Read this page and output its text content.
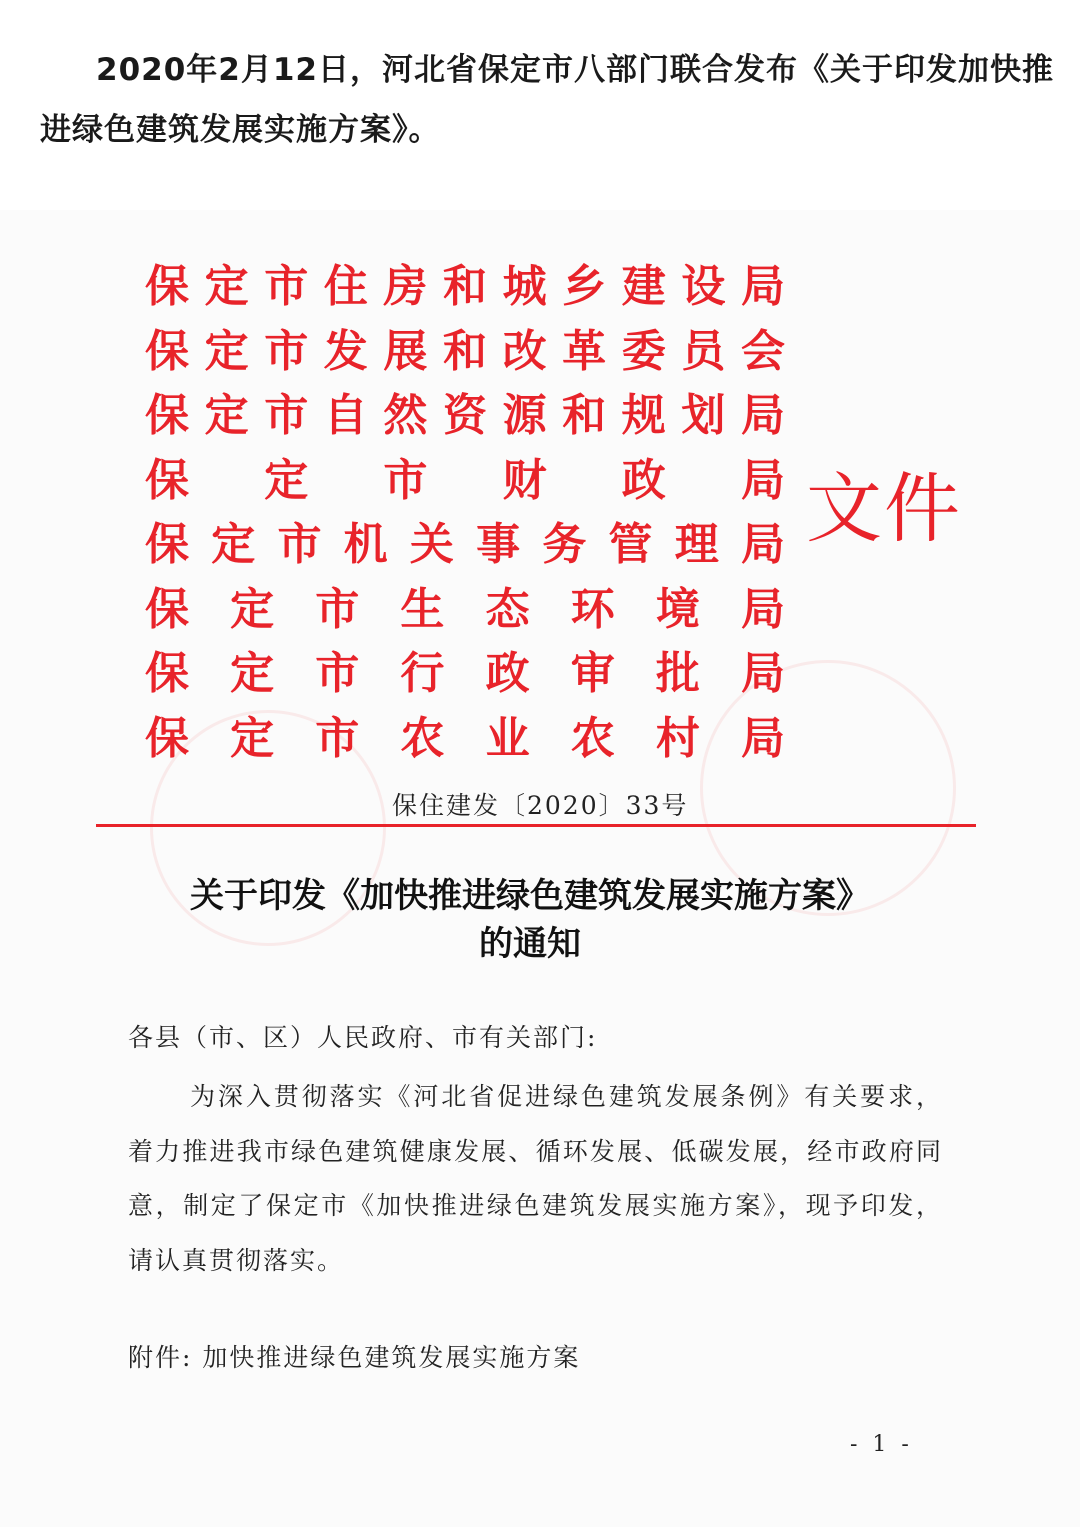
2020年2月12日，河北省保定市八部门联合发布《关于印发加快推进绿色建筑发展实施方案》。
保 定 市 住 房 和 城 乡 建 设 局
保 定 市 发 展 和 改 革 委 员 会
保 定 市 自 然 资 源 和 规 划 局
保 定 市 财 政 局
保 定 市 机 关 事 务 管 理 局
保 定 市 生 态 环 境 局
保 定 市 行 政 审 批 局
保 定 市 农 业 农 村 局
文件
保住建发〔2020〕33号
关于印发《加快推进绿色建筑发展实施方案》
的通知
各县（市、区）人民政府、市有关部门:
为深入贯彻落实《河北省促进绿色建筑发展条例》有关要求，着力推进我市绿色建筑健康发展、循环发展、低碳发展，经市政府同意，制定了保定市《加快推进绿色建筑发展实施方案》，现予印发，请认真贯彻落实。
附件: 加快推进绿色建筑发展实施方案
- 1 -
